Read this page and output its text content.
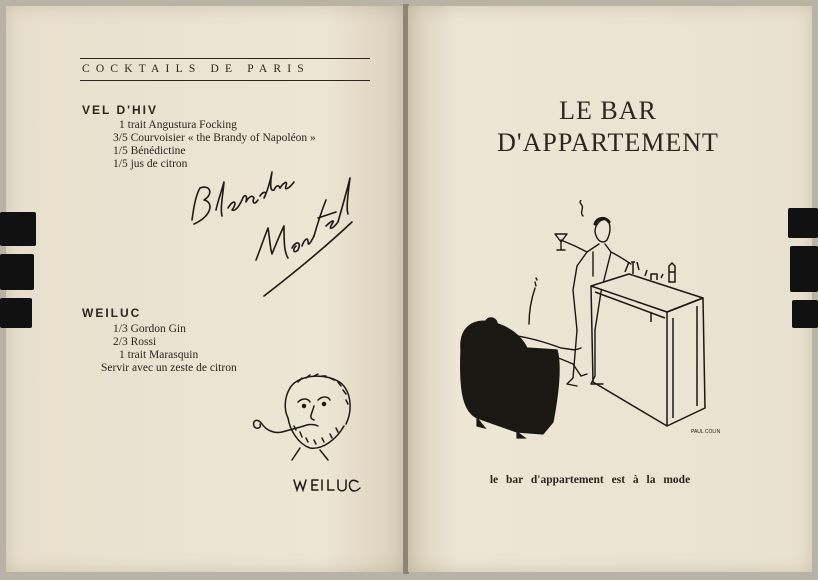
COCKTAILS DE PARIS
VEL D'HIV
1 trait Angustura Focking
3/5 Courvoisier « the Brandy of Napoléon »
1/5 Bénédictine
1/5 jus de citron
WEILUC
1/3 Gordon Gin
2/3 Rossi
1 trait Marasquin
Servir avec un zeste de citron
LE BAR
D'APPARTEMENT
PAUL COLIN
le bar d'appartement est à la mode
